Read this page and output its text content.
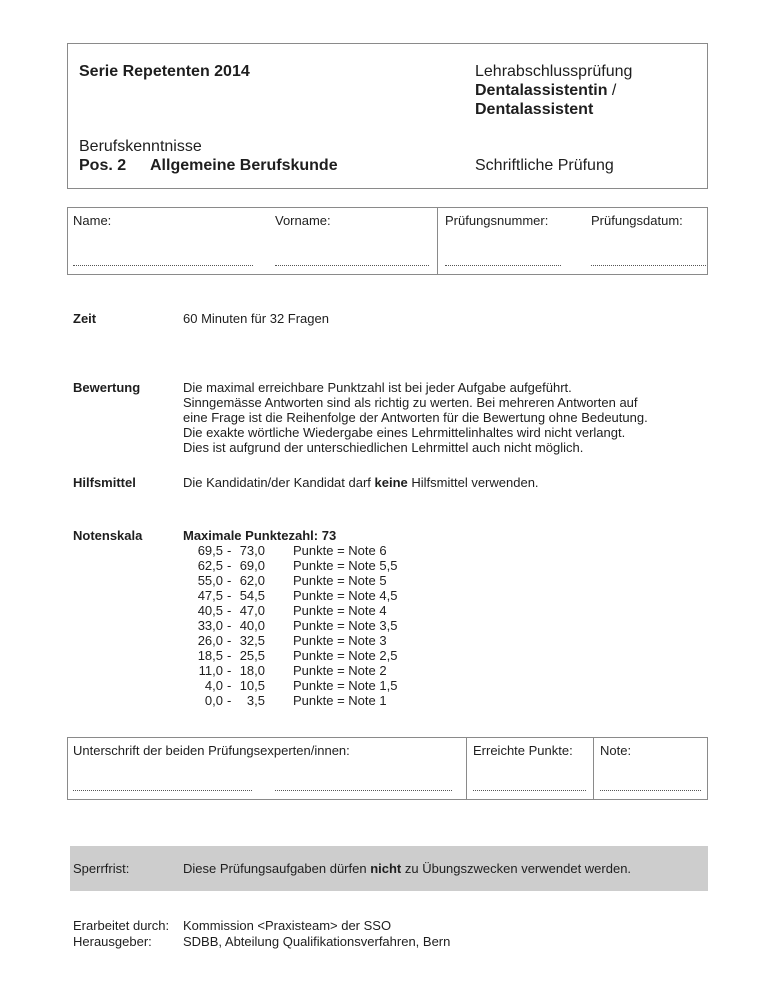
Serie Repetenten 2014	Lehrabschlussprüfung
Dentalassistentin /
Dentalassistent
Berufskenntnisse
Pos. 2 Allgemeine Berufskunde	Schriftliche Prüfung
Name:	Vorname:	Prüfungsnummer:	Prüfungsdatum:
Zeit	60 Minuten für 32 Fragen
Bewertung	Die maximal erreichbare Punktzahl ist bei jeder Aufgabe aufgeführt.
Sinngemässe Antworten sind als richtig zu werten. Bei mehreren Antworten auf
eine Frage ist die Reihenfolge der Antworten für die Bewertung ohne Bedeutung.
Die exakte wörtliche Wiedergabe eines Lehrmittelinhaltes wird nicht verlangt.
Dies ist aufgrund der unterschiedlichen Lehrmittel auch nicht möglich.
Hilfsmittel	Die Kandidatin/der Kandidat darf keine Hilfsmittel verwenden.
Notenskala	Maximale Punktezahl: 73
69,5 - 73,0 Punkte = Note 6
62,5 - 69,0 Punkte = Note 5,5
55,0 - 62,0 Punkte = Note 5
47,5 - 54,5 Punkte = Note 4,5
40,5 - 47,0 Punkte = Note 4
33,0 - 40,0 Punkte = Note 3,5
26,0 - 32,5 Punkte = Note 3
18,5 - 25,5 Punkte = Note 2,5
11,0 - 18,0 Punkte = Note 2
4,0 - 10,5 Punkte = Note 1,5
0,0 -	3,5 Punkte = Note 1
Unterschrift der beiden Prüfungsexperten/innen:	Erreichte Punkte: Note:
Sperrfrist:	Diese Prüfungsaufgaben dürfen nicht zu Übungszwecken verwendet werden.
Erarbeitet durch: Kommission <Praxisteam> der SSO
Herausgeber: SDBB, Abteilung Qualifikationsverfahren, Bern
